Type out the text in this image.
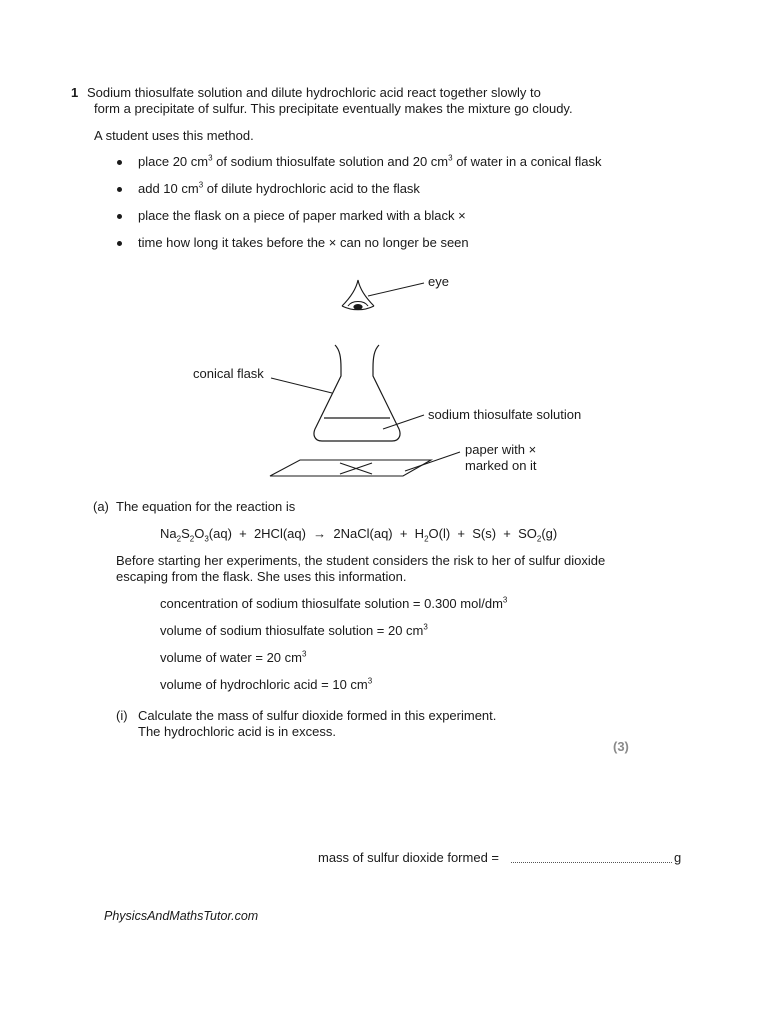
1 Sodium thiosulfate solution and dilute hydrochloric acid react together slowly to
form a precipitate of sulfur. This precipitate eventually makes the mixture go cloudy.
A student uses this method.
place 20 $cm^3$ of sodium thiosulfate solution and 20 $cm^3$ of water in a conical flask
add 10 $cm^3$ of dilute hydrochloric acid to the flask
place the flask on a piece of paper marked with a black ×
time how long it takes before the × can no longer be seen
eye
conical flask
sodium thiosulfate solution
paper with ×
marked on it
(a) The equation for the reaction is
$Na_2S_2O_3(aq) + 2HCl(aq)$  →  2NaCl(aq)  +  $H_2O(l) + S(s) + SO_2(g)$
Before starting her experiments, the student considers the risk to her of sulfur dioxide
escaping from the flask. She uses this information.
concentration of sodium thiosulfate solution = 0.300 mol/$dm^3$
volume of sodium thiosulfate solution = 20 $cm^3$
volume of water = 20 $cm^3$
volume of hydrochloric acid = 10 $cm^3$
(i) Calculate the mass of sulfur dioxide formed in this experiment.
The hydrochloric acid is in excess.
(3)
mass of sulfur dioxide formed =	g
PhysicsAndMathsTutor.com
